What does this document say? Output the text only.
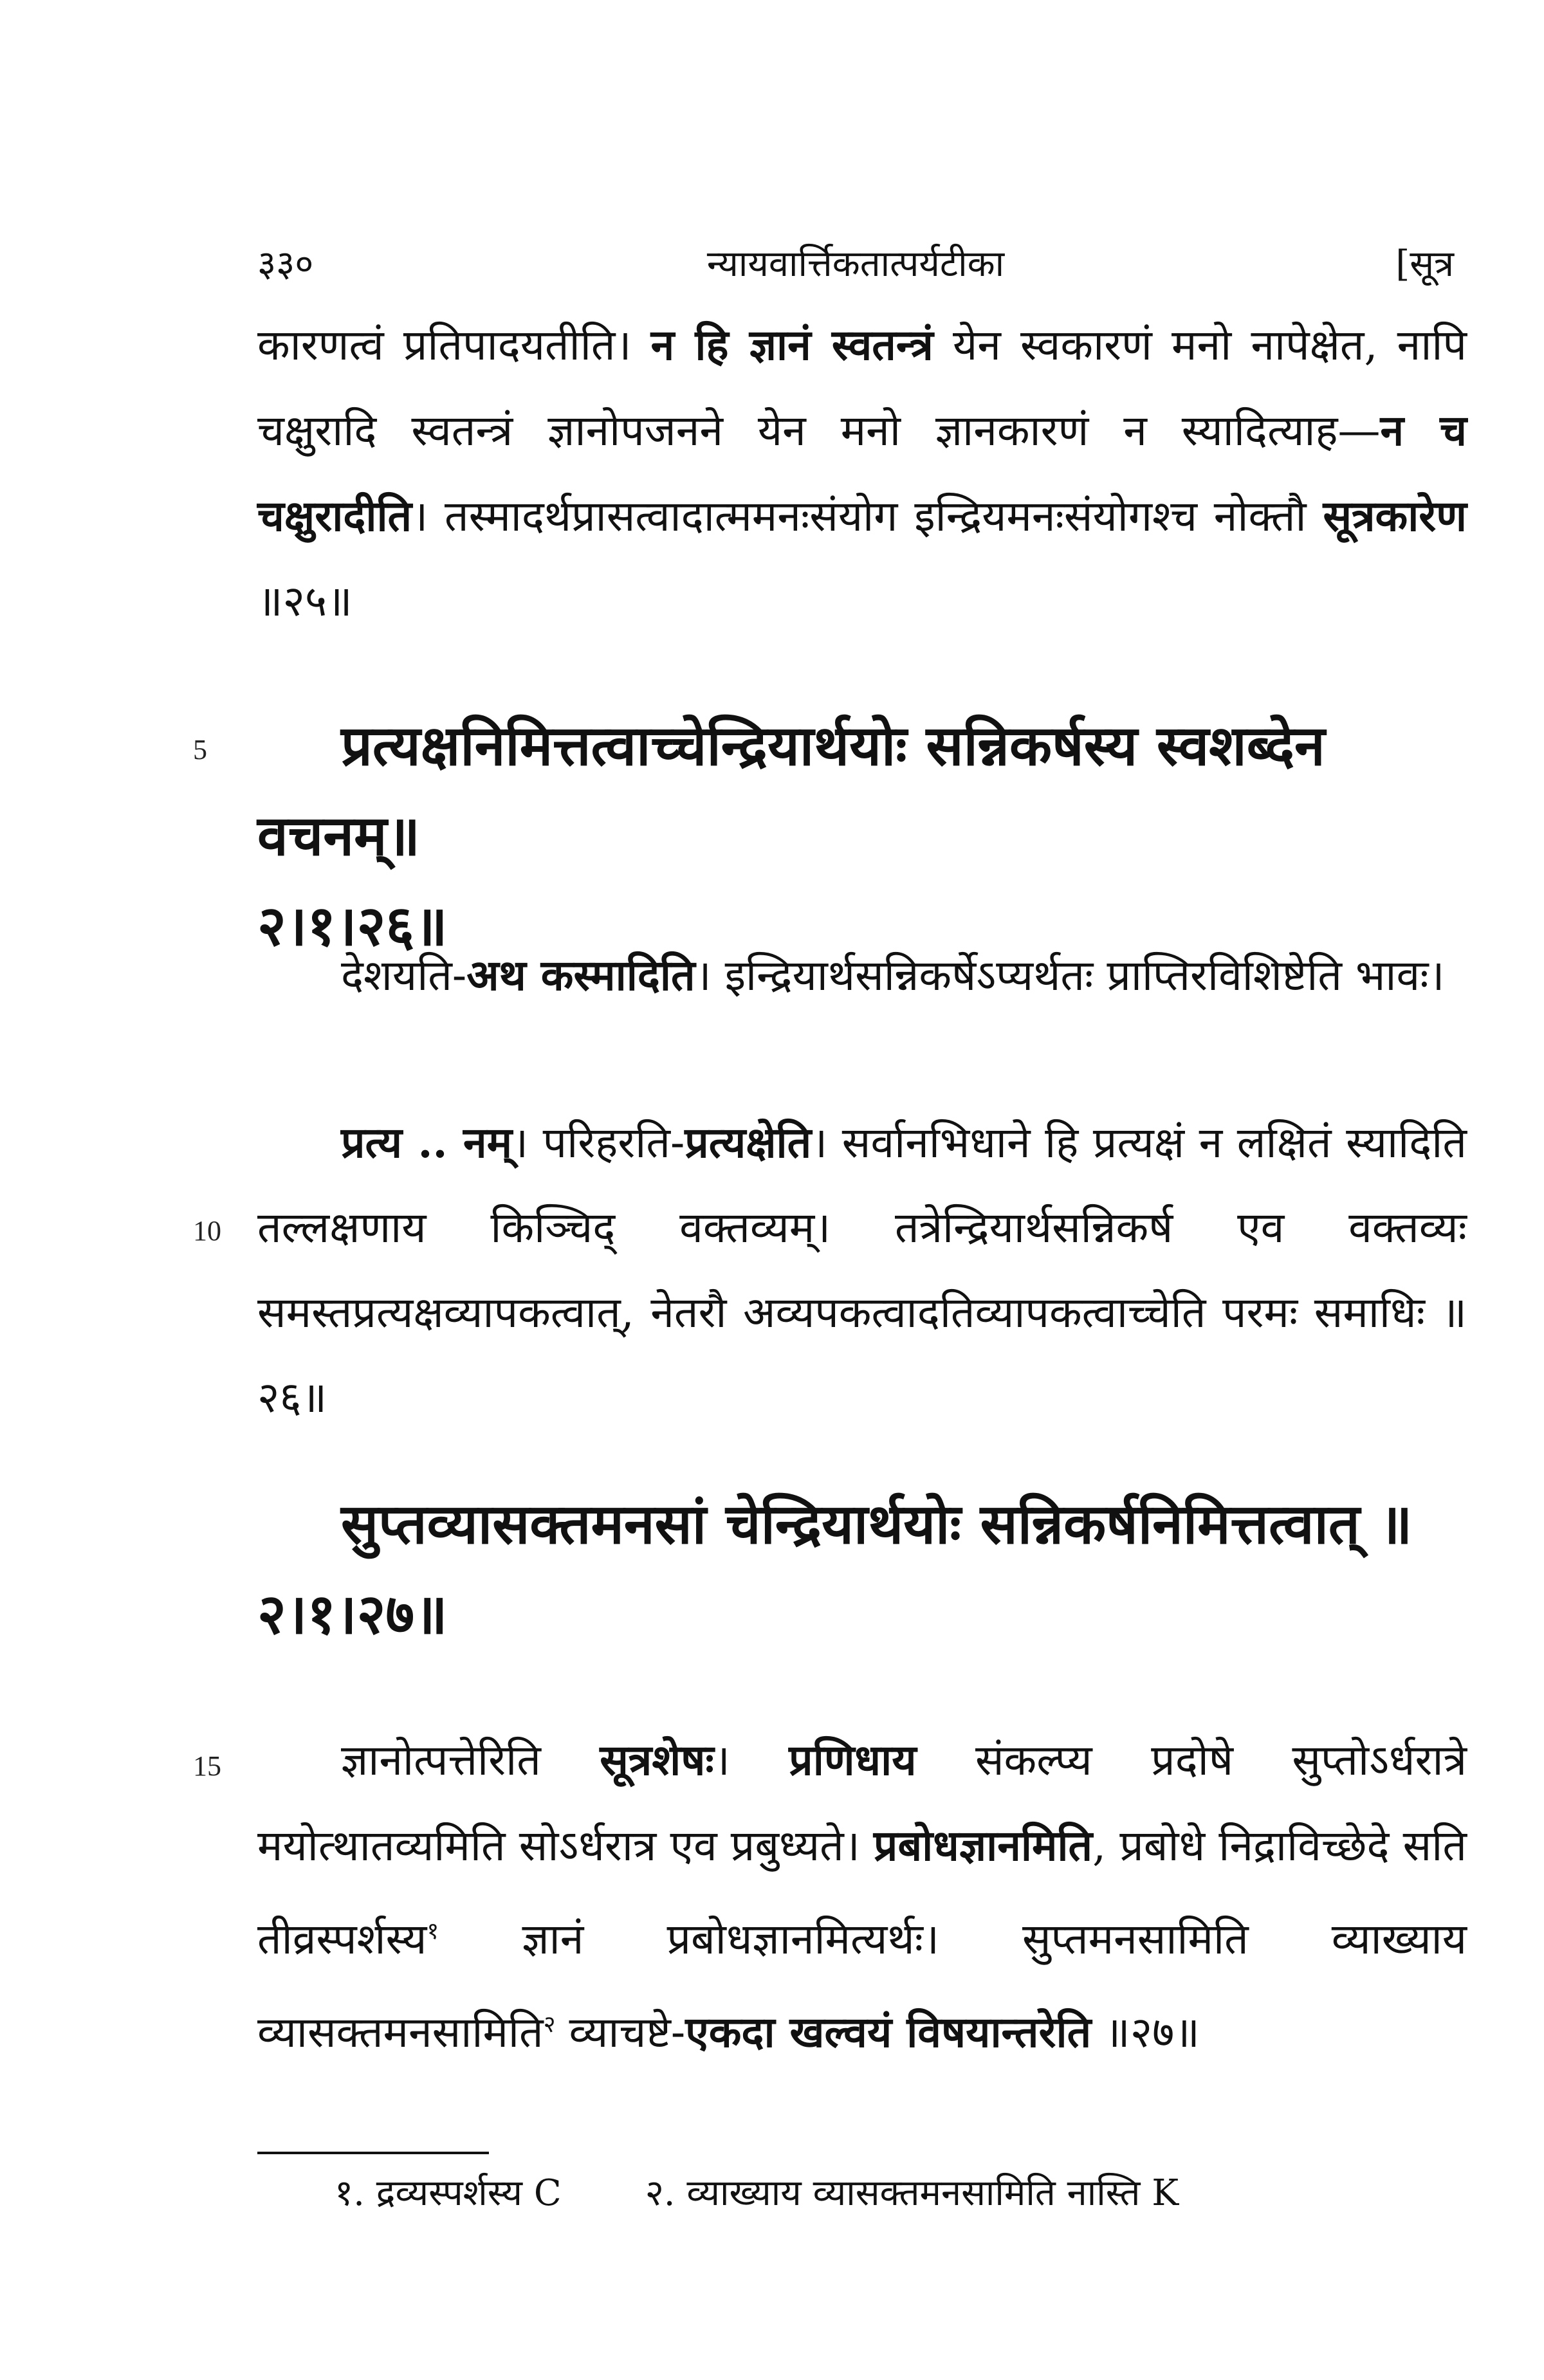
३३०	न्यायवार्त्तिकतात्पर्यटीका	[सूत्र

कारणत्वं प्रतिपादयतीति। न हि ज्ञानं स्वतन्त्रं येन स्वकारणं मनो नापेक्षेत, नापि चक्षुरादि स्वतन्त्रं ज्ञानोपजनने येन मनो ज्ञानकारणं न स्यादित्याह—न च चक्षुरादीति। तस्मादर्थप्रासत्वादात्ममनःसंयोग इन्द्रियमनःसंयोगश्च नोक्तौ सूत्रकारेण ॥२५॥

5	प्रत्यक्षनिमित्तत्वाच्चेन्द्रियार्थयोः सन्निकर्षस्य स्वशब्देन वचनम्॥
२।१।२६॥

देशयति-अथ कस्मादिति। इन्द्रियार्थसन्निकर्षेऽप्यर्थतः प्राप्तिरविशिष्टेति भावः।

10

प्रत्य .. नम्। परिहरति-प्रत्यक्षेति। सर्वानभिधाने हि प्रत्यक्षं न लक्षितं स्यादिति तल्लक्षणाय किञ्चिद् वक्तव्यम्। तत्रेन्द्रियार्थसन्निकर्ष एव वक्तव्यः समस्तप्रत्यक्षव्यापकत्वात्, नेतरौ अव्यपकत्वादतिव्यापकत्वाच्चेति परमः समाधिः ॥२६॥

सुप्तव्यासक्तमनसां चेन्द्रियार्थयोः सन्निकर्षनिमित्तत्वात् ॥
२।१।२७॥

15	ज्ञानोत्पत्तेरिति सूत्रशेषः। प्रणिधाय संकल्प्य प्रदोषे सुप्तोऽर्धरात्रे मयोत्थातव्यमिति सोऽर्धरात्र एव प्रबुध्यते। प्रबोधज्ञानमिति, प्रबोधे निद्राविच्छेदे सति तीव्रस्पर्शस्य$^१$ ज्ञानं प्रबोधज्ञानमित्यर्थः। सुप्तमनसामिति व्याख्याय व्यासक्तमनसामिति$^२$ व्याचष्टे-एकदा खल्वयं विषयान्तरेति ॥२७॥

१. द्रव्यस्पर्शस्य C २. व्याख्याय व्यासक्तमनसामिति नास्ति K
